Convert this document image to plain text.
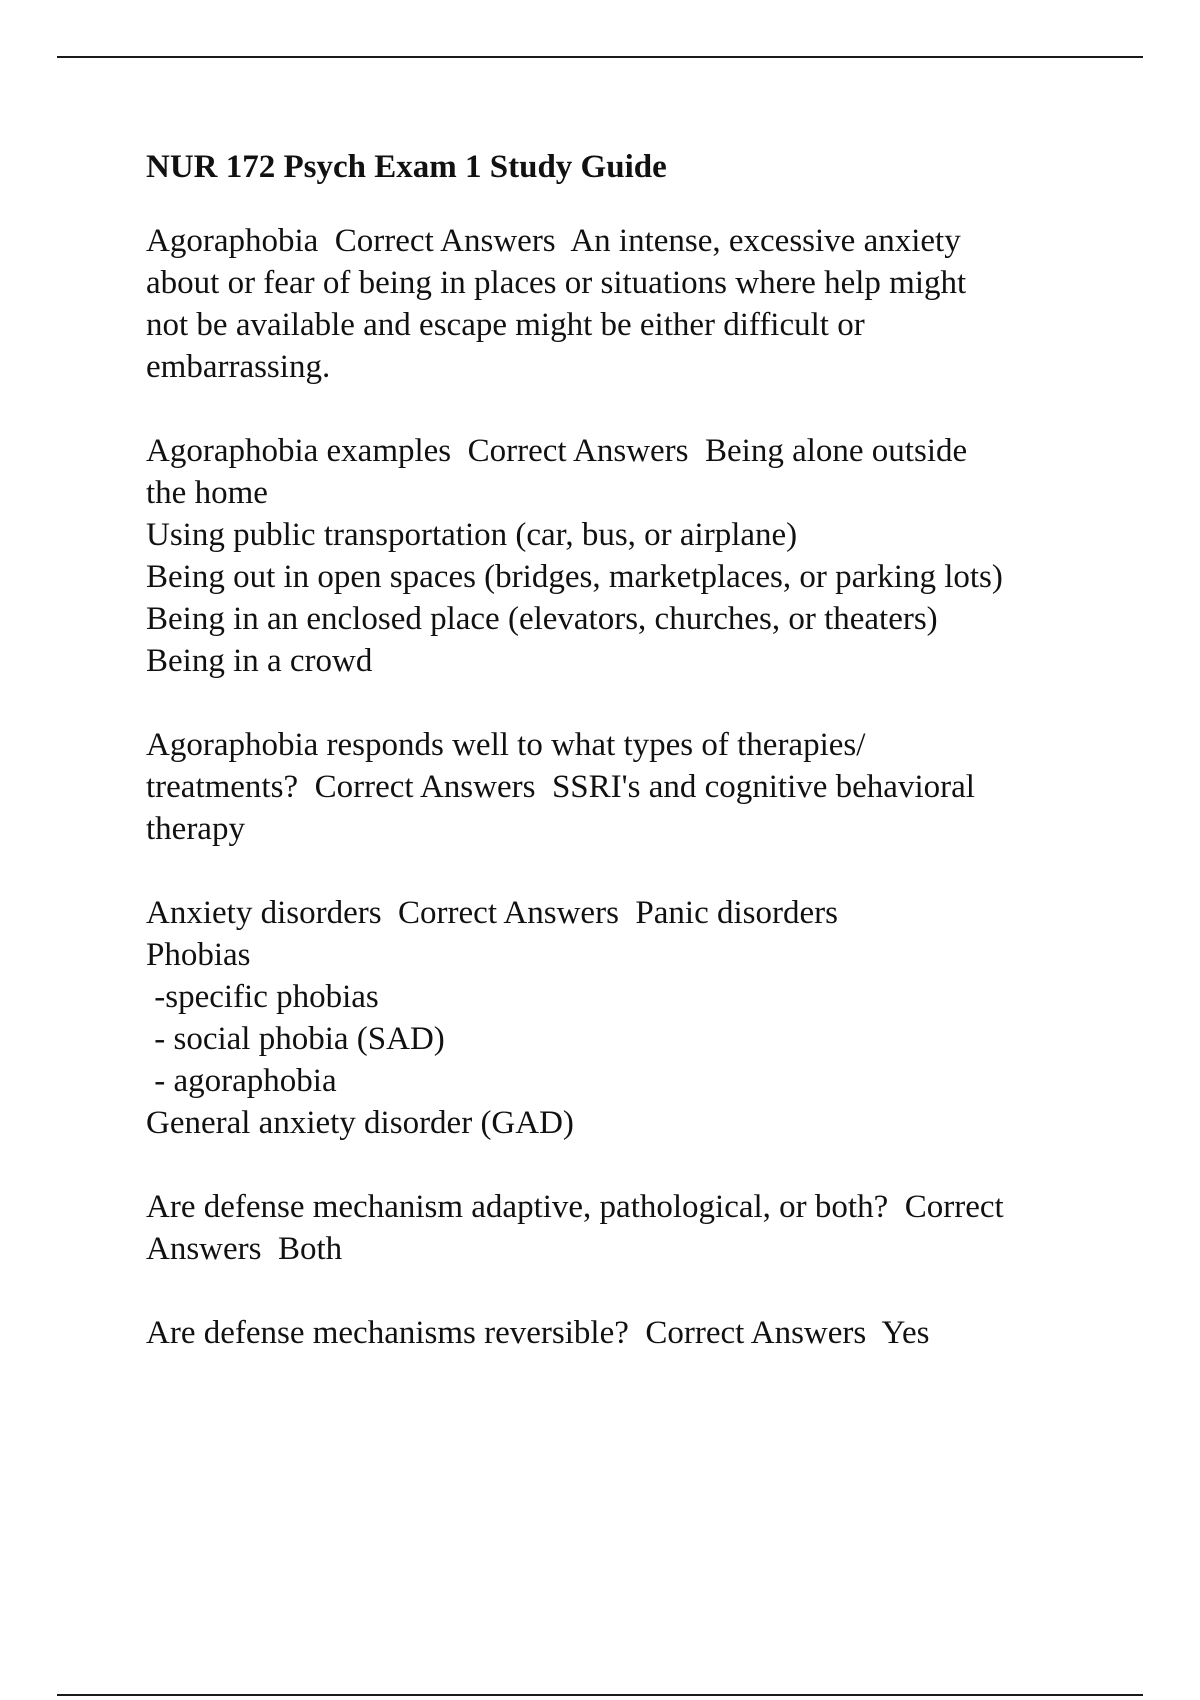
NUR 172 Psych Exam 1 Study Guide
Agoraphobia  Correct Answers  An intense, excessive anxiety
about or fear of being in places or situations where help might
not be available and escape might be either difficult or
embarrassing.
Agoraphobia examples  Correct Answers  Being alone outside
the home
Using public transportation (car, bus, or airplane)
Being out in open spaces (bridges, marketplaces, or parking lots)
Being in an enclosed place (elevators, churches, or theaters)
Being in a crowd
Agoraphobia responds well to what types of therapies/
treatments?  Correct Answers  SSRI's and cognitive behavioral
therapy
Anxiety disorders  Correct Answers  Panic disorders
Phobias
-specific phobias
- social phobia (SAD)
- agoraphobia
General anxiety disorder (GAD)
Are defense mechanism adaptive, pathological, or both?  Correct
Answers  Both
Are defense mechanisms reversible?  Correct Answers  Yes
